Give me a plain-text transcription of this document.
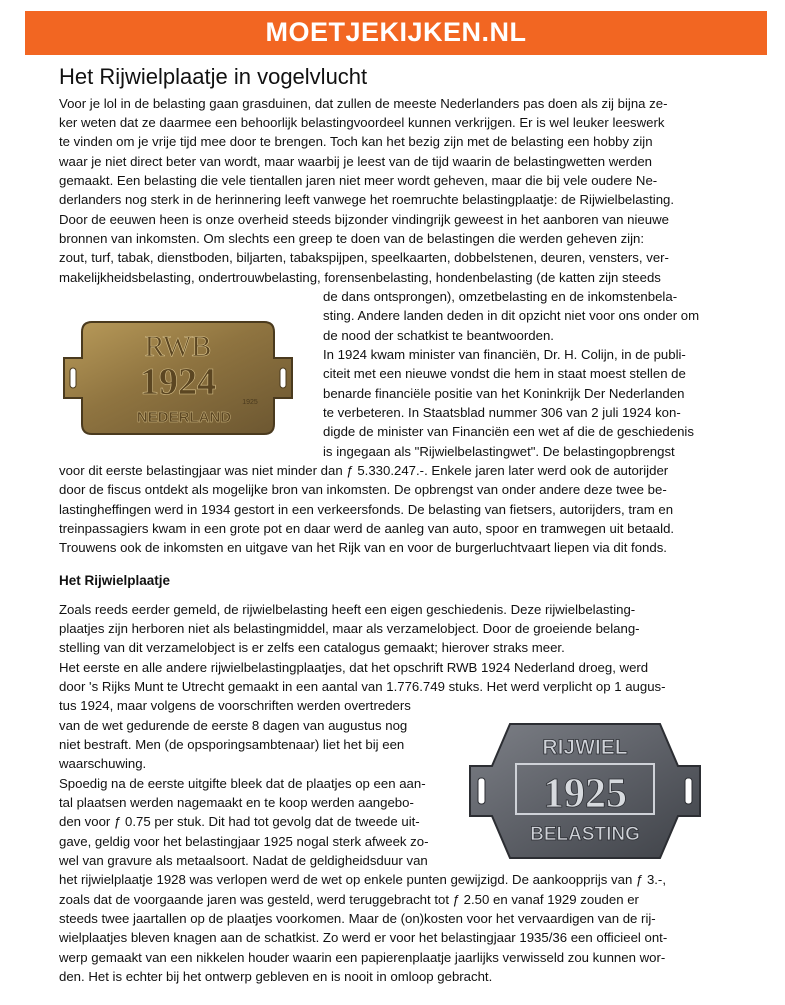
MOETJEKIJKEN.NL
Het Rijwielplaatje in vogelvlucht
Voor je lol in de belasting gaan grasduinen, dat zullen de meeste Nederlanders pas doen als zij bijna ze-
ker weten dat ze daarmee een behoorlijk belastingvoordeel kunnen verkrijgen. Er is wel leuker leeswerk
te vinden om je vrije tijd mee door te brengen. Toch kan het bezig zijn met de belasting een hobby zijn
waar je niet direct beter van wordt, maar waarbij je leest van de tijd waarin de belastingwetten werden
gemaakt. Een belasting die vele tientallen jaren niet meer wordt geheven, maar die bij vele oudere Ne-
derlanders nog sterk in de herinnering leeft vanwege het roemruchte belastingplaatje: de Rijwielbelasting.
Door de eeuwen heen is onze overheid steeds bijzonder vindingrijk geweest in het aanboren van nieuwe
bronnen van inkomsten. Om slechts een greep te doen van de belastingen die werden geheven zijn:
zout, turf, tabak, dienstboden, biljarten, tabakspijpen, speelkaarten, dobbelstenen, deuren, vensters, ver-
makelijkheidsbelasting, ondertrouwbelasting, forensenbelasting, hondenbelasting (de katten zijn steeds
RWB
1924	1925
NEDERLAND
de dans ontsprongen), omzetbelasting en de inkomstenbela-
sting. Andere landen deden in dit opzicht niet voor ons onder om
de nood der schatkist te beantwoorden.
In 1924 kwam minister van financiën, Dr. H. Colijn, in de publi-
citeit met een nieuwe vondst die hem in staat moest stellen de
benarde financiële positie van het Koninkrijk Der Nederlanden
te verbeteren. In Staatsblad nummer 306 van 2 juli 1924 kon-
digde de minister van Financiën een wet af die de geschiedenis
is ingegaan als "Rijwielbelastingwet". De belastingopbrengst
voor dit eerste belastingjaar was niet minder dan ƒ 5.330.247.-. Enkele jaren later werd ook de autorijder
door de fiscus ontdekt als mogelijke bron van inkomsten. De opbrengst van onder andere deze twee be-
lastingheffingen werd in 1934 gestort in een verkeersfonds. De belasting van fietsers, autorijders, tram en
treinpassagiers kwam in een grote pot en daar werd de aanleg van auto, spoor en tramwegen uit betaald.
Trouwens ook de inkomsten en uitgave van het Rijk van en voor de burgerluchtvaart liepen via dit fonds.
Het Rijwielplaatje
Zoals reeds eerder gemeld, de rijwielbelasting heeft een eigen geschiedenis. Deze rijwielbelasting-
plaatjes zijn herboren niet als belastingmiddel, maar als verzamelobject. Door de groeiende belang-
stelling van dit verzamelobject is er zelfs een catalogus gemaakt; hierover straks meer.
Het eerste en alle andere rijwielbelastingplaatjes, dat het opschrift RWB 1924 Nederland droeg, werd
door 's Rijks Munt te Utrecht gemaakt in een aantal van 1.776.749 stuks. Het werd verplicht op 1 augus-
tus 1924, maar volgens de voorschriften werden overtreders
RIJWIEL
1925
BELASTING
van de wet gedurende de eerste 8 dagen van augustus nog
niet bestraft. Men (de opsporingsambtenaar) liet het bij een
waarschuwing.
Spoedig na de eerste uitgifte bleek dat de plaatjes op een aan-
tal plaatsen werden nagemaakt en te koop werden aangebo-
den voor ƒ 0.75 per stuk. Dit had tot gevolg dat de tweede uit-
gave, geldig voor het belastingjaar 1925 nogal sterk afweek zo-
wel van gravure als metaalsoort. Nadat de geldigheidsduur van
het rijwielplaatje 1928 was verlopen werd de wet op enkele punten gewijzigd. De aankoopprijs van ƒ 3.-,
zoals dat de voorgaande jaren was gesteld, werd teruggebracht tot ƒ 2.50 en vanaf 1929 zouden er
steeds twee jaartallen op de plaatjes voorkomen. Maar de (on)kosten voor het vervaardigen van de rij-
wielplaatjes bleven knagen aan de schatkist. Zo werd er voor het belastingjaar 1935/36 een officieel ont-
werp gemaakt van een nikkelen houder waarin een papierenplaatje jaarlijks verwisseld zou kunnen wor-
den. Het is echter bij het ontwerp gebleven en is nooit in omloop gebracht.
